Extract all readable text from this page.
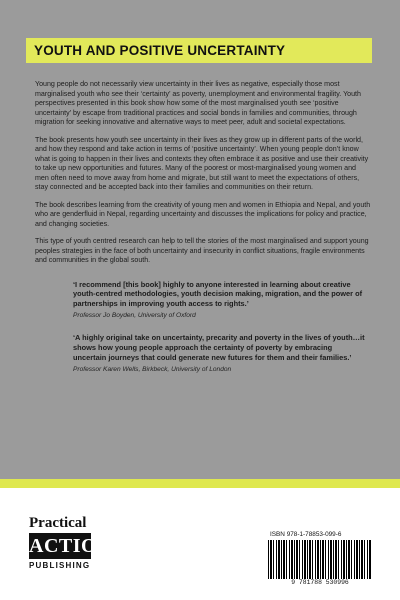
YOUTH AND POSITIVE UNCERTAINTY

Young people do not necessarily view uncertainty in their lives as negative, especially those most marginalised youth who see their ‘certainty’ as poverty, unemployment and environmental fragility. Youth perspectives presented in this book show how some of the most marginalised youth see ‘positive uncertainty’ by escape from traditional practices and social bonds in families and communities, through migration for seeking innovative and alternative ways to meet peer, adult and societal expectations.

The book presents how youth see uncertainty in their lives as they grow up in different parts of the world, and how they respond and take action in terms of ‘positive uncertainty’. When young people don’t know what is going to happen in their lives and contexts they often embrace it as positive and use their creativity to take up new opportunities and futures. Many of the poorest or most-marginalised young women and men often need to move away from home and migrate, but still want to meet the expectations of others, stay connected and be accepted back into their families and communities on their return.

The book describes learning from the creativity of young men and women in Ethiopia and Nepal, and youth who are genderfluid in Nepal, regarding uncertainty and discusses the implications for policy and practice, and changing societies.

This type of youth centred research can help to tell the stories of the most marginalised and support young peoples strategies in the face of both uncertainty and insecurity in conflict situations, fragile environments and communities in the global south.

‘I recommend [this book] highly to anyone interested in learning about creative youth-centred methodologies, youth decision making, migration, and the power of partnerships in improving youth access to rights.’
Professor Jo Boyden, University of Oxford
‘A highly original take on uncertainty, precarity and poverty in the lives of youth…it shows how young people approach the certainty of poverty by embracing uncertain journeys that could generate new futures for them and their families.’
Professor Karen Wells, Birkbeck, University of London
Practical
ACTION
PUBLISHING
ISBN 978-1-78853-099-6
9 781788 530996
